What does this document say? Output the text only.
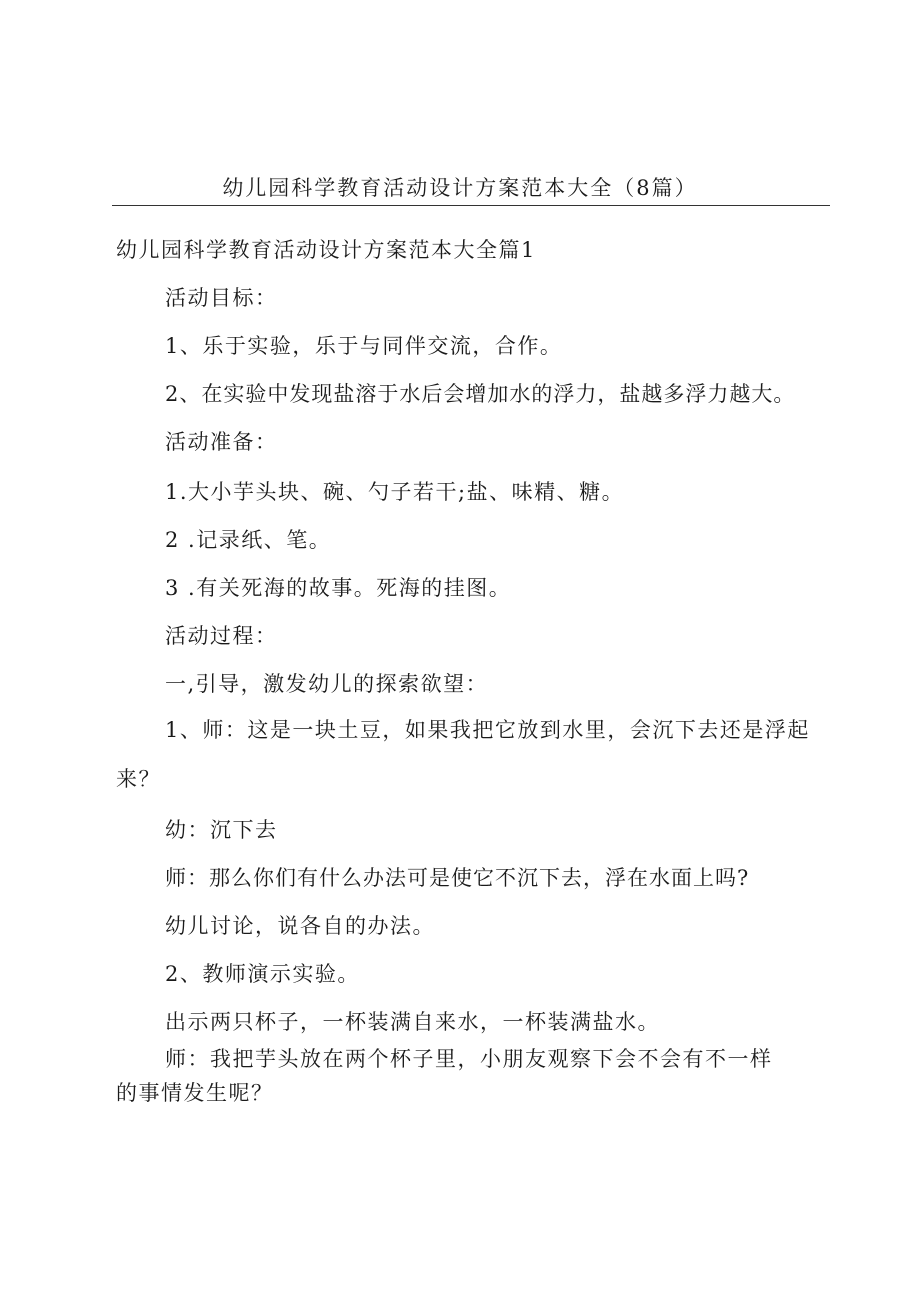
幼儿园科学教育活动设计方案范本大全（8篇）
幼儿园科学教育活动设计方案范本大全篇1
活动目标：
1、乐于实验，乐于与同伴交流，合作。
2、在实验中发现盐溶于水后会增加水的浮力，盐越多浮力越大。
活动准备：
1.大小芋头块、碗、勺子若干;盐、味精、糖。
2 .记录纸、笔。
3 .有关死海的故事。死海的挂图。
活动过程：
一,引导，激发幼儿的探索欲望：
1、师：这是一块土豆，如果我把它放到水里，会沉下去还是浮起来？
幼：沉下去
师：那么你们有什么办法可是使它不沉下去，浮在水面上吗?
幼儿讨论，说各自的办法。
2、教师演示实验。
出示两只杯子，一杯装满自来水，一杯装满盐水。
师：我把芋头放在两个杯子里，小朋友观察下会不会有不一样的事情发生呢？
